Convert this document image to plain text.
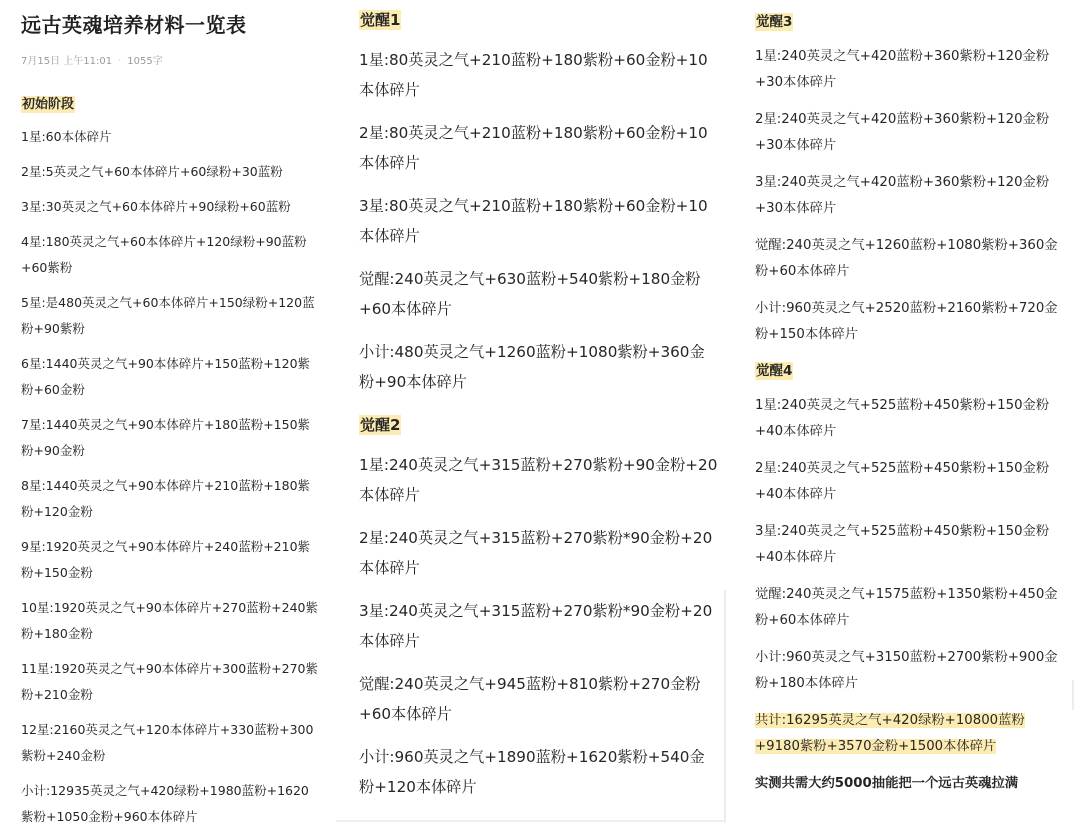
远古英魂培养材料一览表
7月15日 上午11:01 · 1055字

初始阶段

1星:60本体碎片

2星:5英灵之气+60本体碎片+60绿粉+30蓝粉

3星:30英灵之气+60本体碎片+90绿粉+60蓝粉

4星:180英灵之气+60本体碎片+120绿粉+90蓝粉+60紫粉

5星:是480英灵之气+60本体碎片+150绿粉+120蓝粉+90紫粉

6星:1440英灵之气+90本体碎片+150蓝粉+120紫粉+60金粉

7星:1440英灵之气+90本体碎片+180蓝粉+150紫粉+90金粉

8星:1440英灵之气+90本体碎片+210蓝粉+180紫粉+120金粉

9星:1920英灵之气+90本体碎片+240蓝粉+210紫粉+150金粉

10星:1920英灵之气+90本体碎片+270蓝粉+240紫粉+180金粉

11星:1920英灵之气+90本体碎片+300蓝粉+270紫粉+210金粉

12星:2160英灵之气+120本体碎片+330蓝粉+300紫粉+240金粉

小计:12935英灵之气+420绿粉+1980蓝粉+1620紫粉+1050金粉+960本体碎片

觉醒1

1星:80英灵之气+210蓝粉+180紫粉+60金粉+10本体碎片

2星:80英灵之气+210蓝粉+180紫粉+60金粉+10本体碎片

3星:80英灵之气+210蓝粉+180紫粉+60金粉+10本体碎片

觉醒:240英灵之气+630蓝粉+540紫粉+180金粉+60本体碎片

小计:480英灵之气+1260蓝粉+1080紫粉+360金粉+90本体碎片

觉醒2

1星:240英灵之气+315蓝粉+270紫粉+90金粉+20本体碎片

2星:240英灵之气+315蓝粉+270紫粉*90金粉+20本体碎片

3星:240英灵之气+315蓝粉+270紫粉*90金粉+20本体碎片

觉醒:240英灵之气+945蓝粉+810紫粉+270金粉+60本体碎片

小计:960英灵之气+1890蓝粉+1620紫粉+540金粉+120本体碎片

觉醒3

1星:240英灵之气+420蓝粉+360紫粉+120金粉+30本体碎片

2星:240英灵之气+420蓝粉+360紫粉+120金粉+30本体碎片

3星:240英灵之气+420蓝粉+360紫粉+120金粉+30本体碎片

觉醒:240英灵之气+1260蓝粉+1080紫粉+360金粉+60本体碎片

小计:960英灵之气+2520蓝粉+2160紫粉+720金粉+150本体碎片

觉醒4

1星:240英灵之气+525蓝粉+450紫粉+150金粉+40本体碎片

2星:240英灵之气+525蓝粉+450紫粉+150金粉+40本体碎片

3星:240英灵之气+525蓝粉+450紫粉+150金粉+40本体碎片

觉醒:240英灵之气+1575蓝粉+1350紫粉+450金粉+60本体碎片

小计:960英灵之气+3150蓝粉+2700紫粉+900金粉+180本体碎片

共计:16295英灵之气+420绿粉+10800蓝粉+9180紫粉+3570金粉+1500本体碎片

实测共需大约5000抽能把一个远古英魂拉满
